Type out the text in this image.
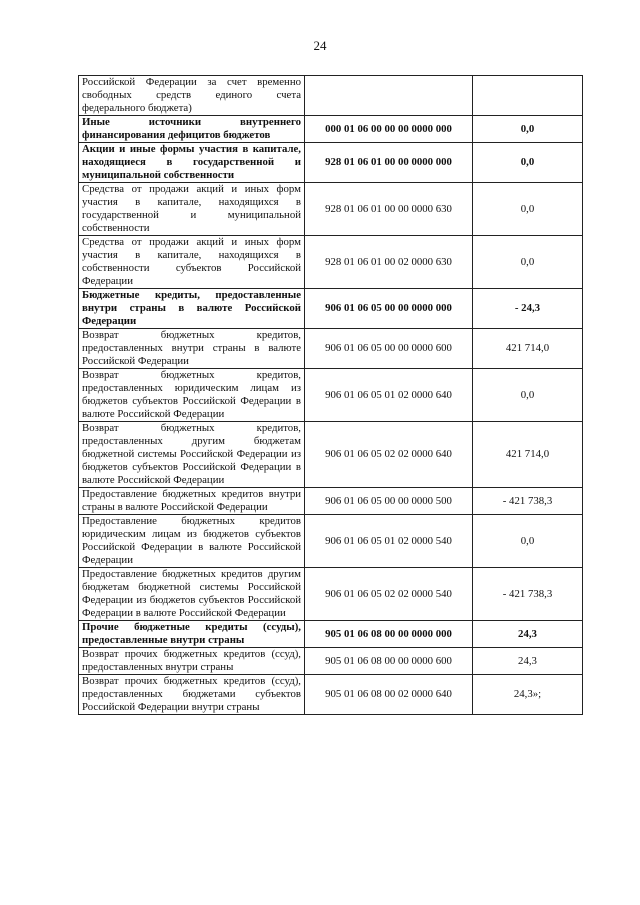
24
Российской Федерации за счет временно свободных средств единого счета федерального бюджета)		
Иные источники внутреннего финансирования дефицитов бюджетов	000 01 06 00 00 00 0000 000	0,0
Акции и иные формы участия в капитале, находящиеся в государственной и муниципальной собственности	928 01 06 01 00 00 0000 000	0,0
Средства от продажи акций и иных форм участия в капитале, находящихся в государственной и муниципальной собственности	928 01 06 01 00 00 0000 630	0,0
Средства от продажи акций и иных форм участия в капитале, находящихся в собственности субъектов Российской Федерации	928 01 06 01 00 02 0000 630	0,0
Бюджетные кредиты, предоставленные внутри страны в валюте Российской Федерации	906 01 06 05 00 00 0000 000	- 24,3
Возврат бюджетных кредитов, предоставленных внутри страны в валюте Российской Федерации	906 01 06 05 00 00 0000 600	421 714,0
Возврат бюджетных кредитов, предоставленных юридическим лицам из бюджетов субъектов Российской Федерации в валюте Российской Федерации	906 01 06 05 01 02 0000 640	0,0
Возврат бюджетных кредитов, предоставленных другим бюджетам бюджетной системы Российской Федерации из бюджетов субъектов Российской Федерации в валюте Российской Федерации	906 01 06 05 02 02 0000 640	421 714,0
Предоставление бюджетных кредитов внутри страны в валюте Российской Федерации	906 01 06 05 00 00 0000 500	- 421 738,3
Предоставление бюджетных кредитов юридическим лицам из бюджетов субъектов Российской Федерации в валюте Российской Федерации	906 01 06 05 01 02 0000 540	0,0
Предоставление бюджетных кредитов другим бюджетам бюджетной системы Российской Федерации из бюджетов субъектов Российской Федерации в валюте Российской Федерации	906 01 06 05 02 02 0000 540	- 421 738,3
Прочие бюджетные кредиты (ссуды), предоставленные внутри страны	905 01 06 08 00 00 0000 000	24,3
Возврат прочих бюджетных кредитов (ссуд), предоставленных внутри страны	905 01 06 08 00 00 0000 600	24,3
Возврат прочих бюджетных кредитов (ссуд), предоставленных бюджетами субъектов Российской Федерации внутри страны	905 01 06 08 00 02 0000 640	24,3»;
